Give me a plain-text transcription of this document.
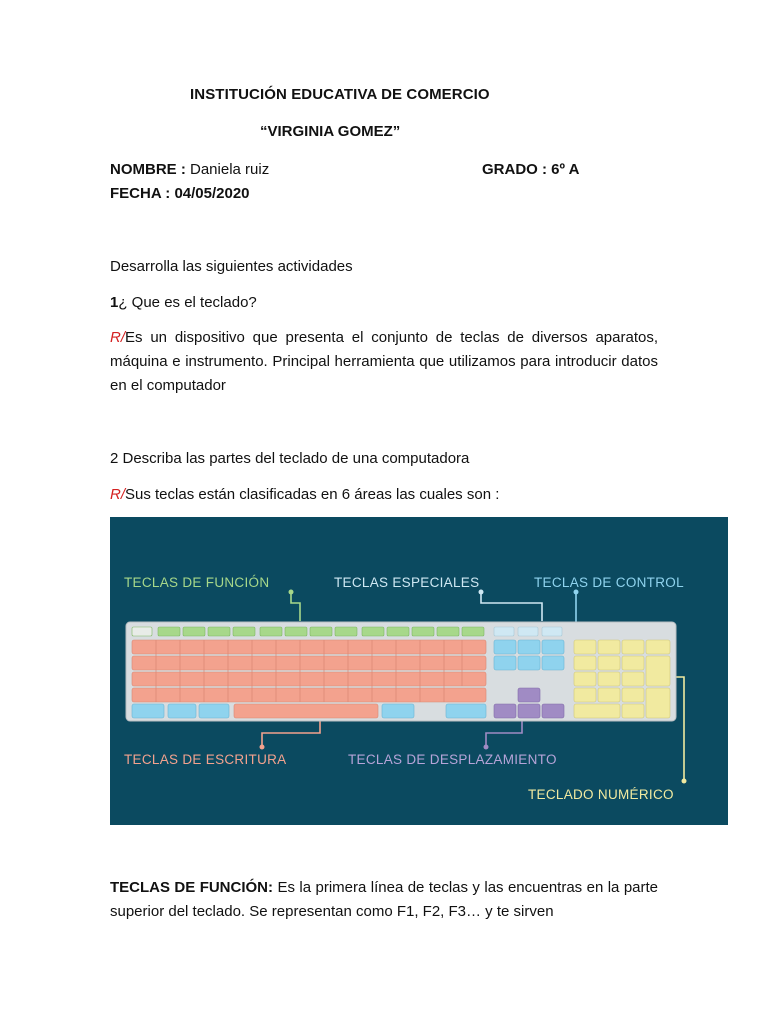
INSTITUCIÓN EDUCATIVA DE COMERCIO
“VIRGINIA GOMEZ”
NOMBRE : Daniela ruiz	GRADO : 6º A
FECHA : 04/05/2020
Desarrolla las siguientes actividades
1¿ Que es el teclado?
R/Es un dispositivo que presenta el conjunto de teclas de diversos aparatos, máquina e instrumento. Principal herramienta que utilizamos para introducir datos en el computador
2 Describa las partes del teclado de una computadora
R/Sus teclas están clasificadas en 6 áreas las cuales son :
TECLAS DE FUNCIÓN	TECLAS ESPECIALES	TECLAS DE CONTROL
TECLAS DE ESCRITURA	TECLAS DE DESPLAZAMIENTO
TECLADO NUMÉRICO
TECLAS DE FUNCIÓN: Es la primera línea de teclas y las encuentras en la parte superior del teclado. Se representan como F1, F2, F3… y te sirven
